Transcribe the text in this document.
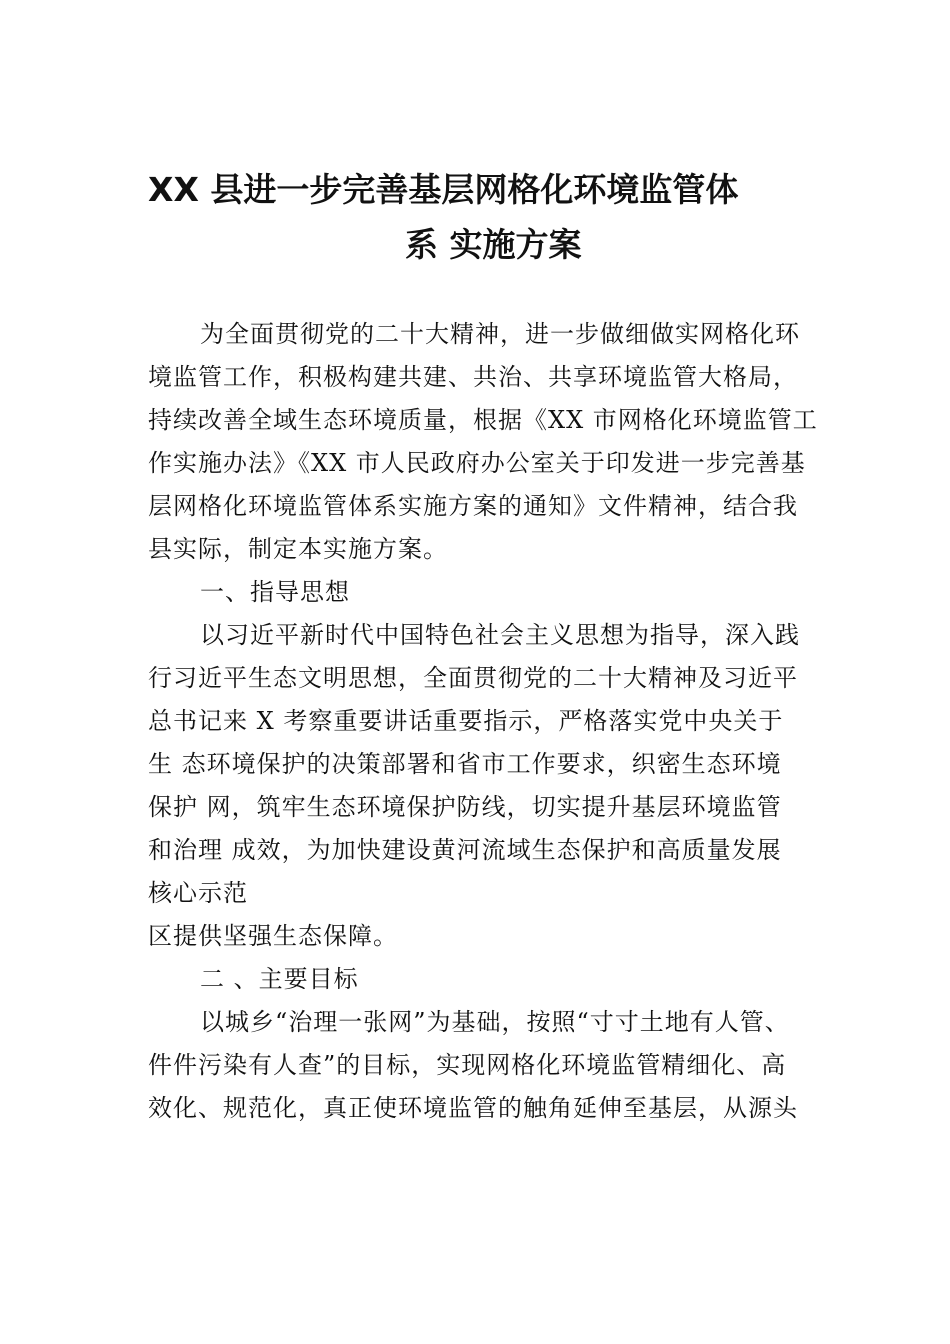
XX 县进一步完善基层网格化环境监管体
系 实施方案
为全面贯彻党的二十大精神，进一步做细做实网格化环
境监管工作，积极构建共建、共治、共享环境监管大格局，
持续改善全域生态环境质量，根据《XX 市网格化环境监管工
作实施办法》《XX 市人民政府办公室关于印发进一步完善基
层网格化环境监管体系实施方案的通知》文件精神，结合我
县实际，制定本实施方案。
一、指导思想
以习近平新时代中国特色社会主义思想为指导，深入践
行习近平生态文明思想，全面贯彻党的二十大精神及习近平
总书记来 X 考察重要讲话重要指示，严格落实党中央关于
生 态环境保护的决策部署和省市工作要求，织密生态环境
保护 网，筑牢生态环境保护防线，切实提升基层环境监管
和治理 成效，为加快建设黄河流域生态保护和高质量发展
核心示范
区提供坚强生态保障。
二 、主要目标
以城乡“治理一张网”为基础，按照“寸寸土地有人管、
件件污染有人查”的目标，实现网格化环境监管精细化、高
效化、规范化，真正使环境监管的触角延伸至基层，从源头
